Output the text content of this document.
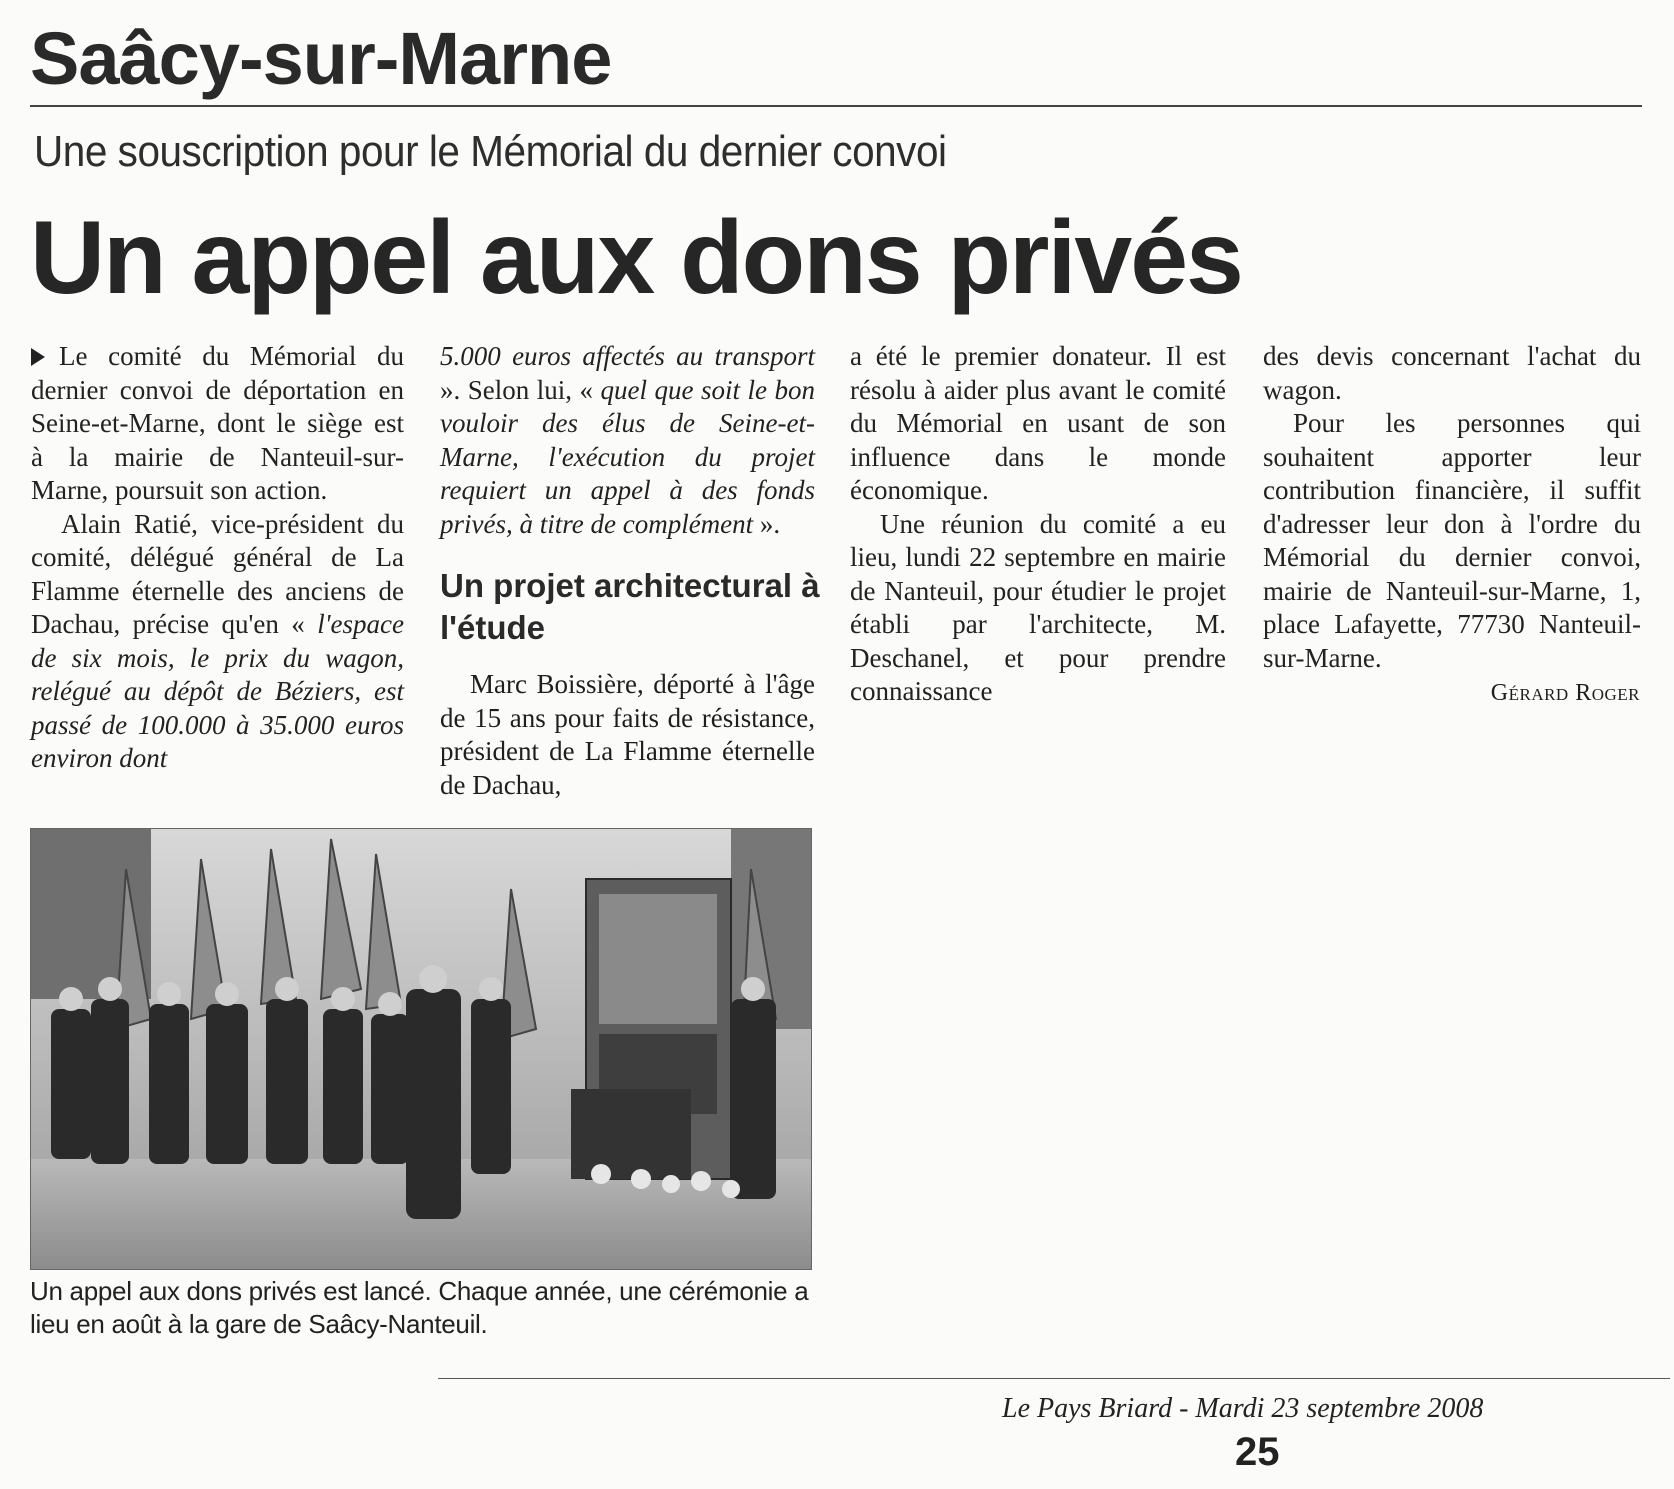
Saâcy-sur-Marne
Une souscription pour le Mémorial du dernier convoi
Un appel aux dons privés

Le comité du Mémorial du dernier convoi de déportation en Seine-et-Marne, dont le siège est à la mairie de Nanteuil-sur-Marne, poursuit son action.

Alain Ratié, vice-président du comité, délégué général de La Flamme éternelle des anciens de Dachau, précise qu'en « l'espace de six mois, le prix du wagon, relégué au dépôt de Béziers, est passé de 100.000 à 35.000 euros environ dont

5.000 euros affectés au transport ». Selon lui, « quel que soit le bon vouloir des élus de Seine-et-Marne, l'exécution du projet requiert un appel à des fonds privés, à titre de complément ».

Un projet architectural à l'étude

Marc Boissière, déporté à l'âge de 15 ans pour faits de résistance, président de La Flamme éternelle de Dachau,

a été le premier donateur. Il est résolu à aider plus avant le comité du Mémorial en usant de son influence dans le monde économique.

Une réunion du comité a eu lieu, lundi 22 septembre en mairie de Nanteuil, pour étudier le projet établi par l'architecte, M. Deschanel, et pour prendre connaissance

des devis concernant l'achat du wagon.

Pour les personnes qui souhaitent apporter leur contribution financière, il suffit d'adresser leur don à l'ordre du Mémorial du dernier convoi, mairie de Nanteuil-sur-Marne, 1, place Lafayette, 77730 Nanteuil-sur-Marne.

Gérard Roger
Un appel aux dons privés est lancé. Chaque année, une cérémonie a lieu en août à la gare de Saâcy-Nanteuil.
Le Pays Briard - Mardi 23 septembre 2008
25
